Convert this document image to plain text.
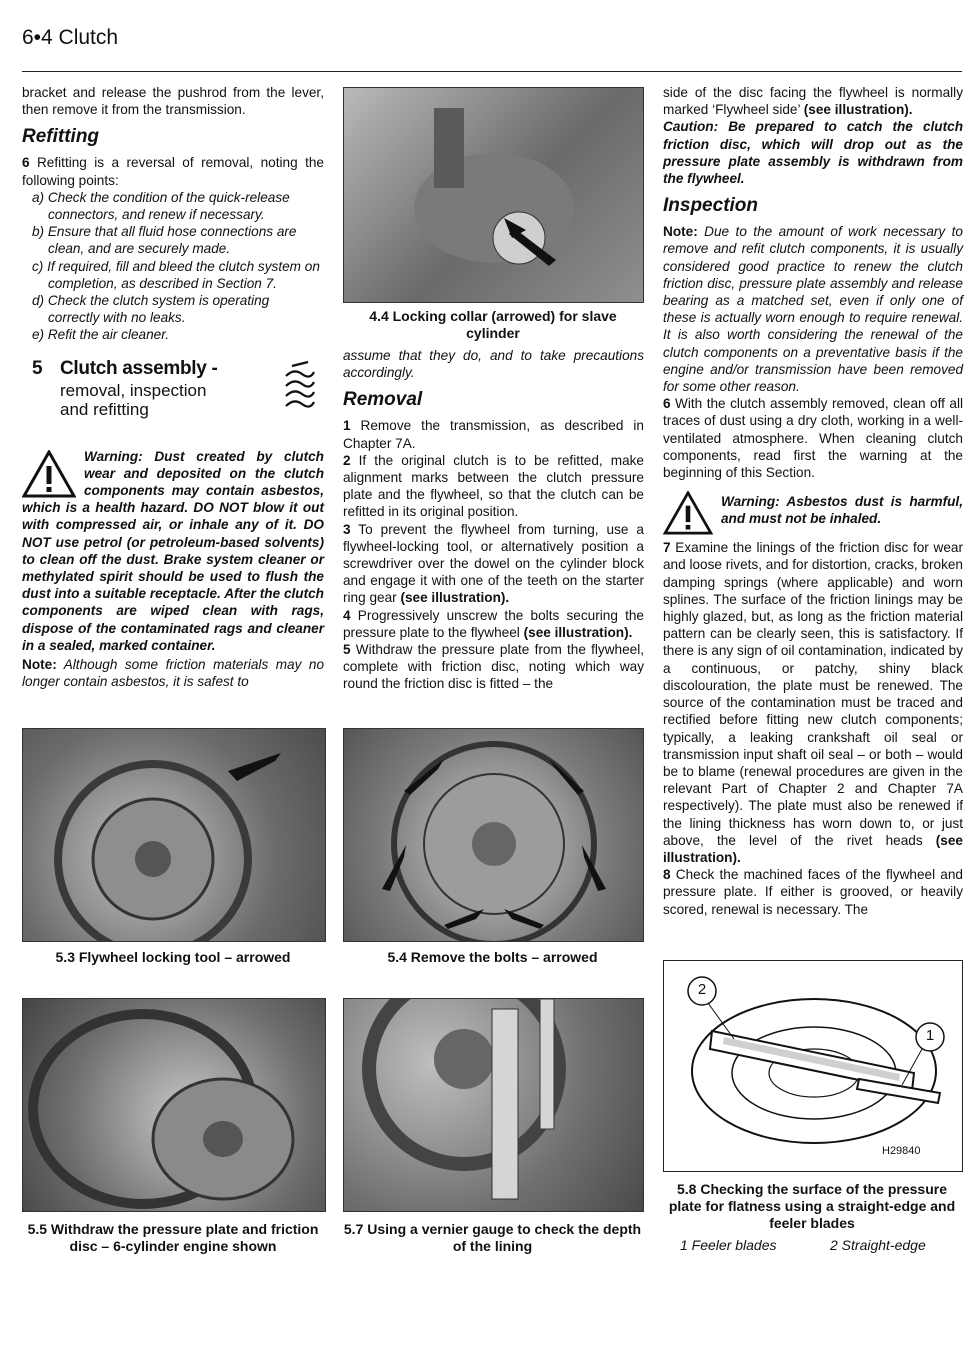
6•4 Clutch

bracket and release the pushrod from the lever, then remove it from the transmission.

Refitting

6 Refitting is a reversal of removal, noting the following points:

a) Check the condition of the quick-release connectors, and renew if necessary.
b) Ensure that all fluid hose connections are clean, and are securely made.
c) If required, fill and bleed the clutch system on completion, as described in Section 7.
d) Check the clutch system is operating correctly with no leaks.
e) Refit the air cleaner.
5 Clutch assembly -
removal, inspection
and refitting

Warning: Dust created by clutch wear and deposited on the clutch components may contain asbestos, which is a health hazard. DO NOT blow it out with compressed air, or inhale any of it. DO NOT use petrol (or petroleum-based solvents) to clean off the dust. Brake system cleaner or methylated spirit should be used to flush the dust into a suitable receptacle. After the clutch components are wiped clean with rags, dispose of the contaminated rags and cleaner in a sealed, marked container.

Note: Although some friction materials may no longer contain asbestos, it is safest to

4.4 Locking collar (arrowed) for slave cylinder

assume that they do, and to take precautions accordingly.

Removal

1 Remove the transmission, as described in Chapter 7A.

2 If the original clutch is to be refitted, make alignment marks between the clutch pressure plate and the flywheel, so that the clutch can be refitted in its original position.

3 To prevent the flywheel from turning, use a flywheel-locking tool, or alternatively position a screwdriver over the dowel on the cylinder block and engage it with one of the teeth on the starter ring gear (see illustration).

4 Progressively unscrew the bolts securing the pressure plate to the flywheel (see illustration).

5 Withdraw the pressure plate from the flywheel, complete with friction disc, noting which way round the friction disc is fitted – the

side of the disc facing the flywheel is normally marked ‘Flywheel side’ (see illustration).

Caution: Be prepared to catch the clutch friction disc, which will drop out as the pressure plate assembly is withdrawn from the flywheel.

Inspection

Note: Due to the amount of work necessary to remove and refit clutch components, it is usually considered good practice to renew the clutch friction disc, pressure plate assembly and release bearing as a matched set, even if only one of these is actually worn enough to require renewal. It is also worth considering the renewal of the clutch components on a preventative basis if the engine and/or transmission have been removed for some other reason.

6 With the clutch assembly removed, clean off all traces of dust using a dry cloth, working in a well-ventilated atmosphere. When cleaning clutch components, read first the warning at the beginning of this Section.

Warning: Asbestos dust is harmful, and must not be inhaled.

7 Examine the linings of the friction disc for wear and loose rivets, and for distortion, cracks, broken damping springs (where applicable) and worn splines. The surface of the friction linings may be highly glazed, but, as long as the friction material pattern can be clearly seen, this is satisfactory. If there is any sign of oil contamination, indicated by a continuous, or patchy, shiny black discolouration, the plate must be renewed. The source of the contamination must be traced and rectified before fitting new clutch components; typically, a leaking crankshaft oil seal or transmission input shaft oil seal – or both – would be to blame (renewal procedures are given in the relevant Part of Chapter 2 and Chapter 7A respectively). The plate must also be renewed if the lining thickness has worn down to, or just above, the level of the rivet heads (see illustration).

8 Check the machined faces of the flywheel and pressure plate. If either is grooved, or heavily scored, renewal is necessary. The

5.3 Flywheel locking tool – arrowed	5.4 Remove the bolts – arrowed
5.5 Withdraw the pressure plate and friction disc – 6-cylinder engine shown
5.7 Using a vernier gauge to check the depth of the lining
2
1
H29840
5.8 Checking the surface of the pressure plate for flatness using a straight-edge and feeler blades
1 Feeler blades	2 Straight-edge
